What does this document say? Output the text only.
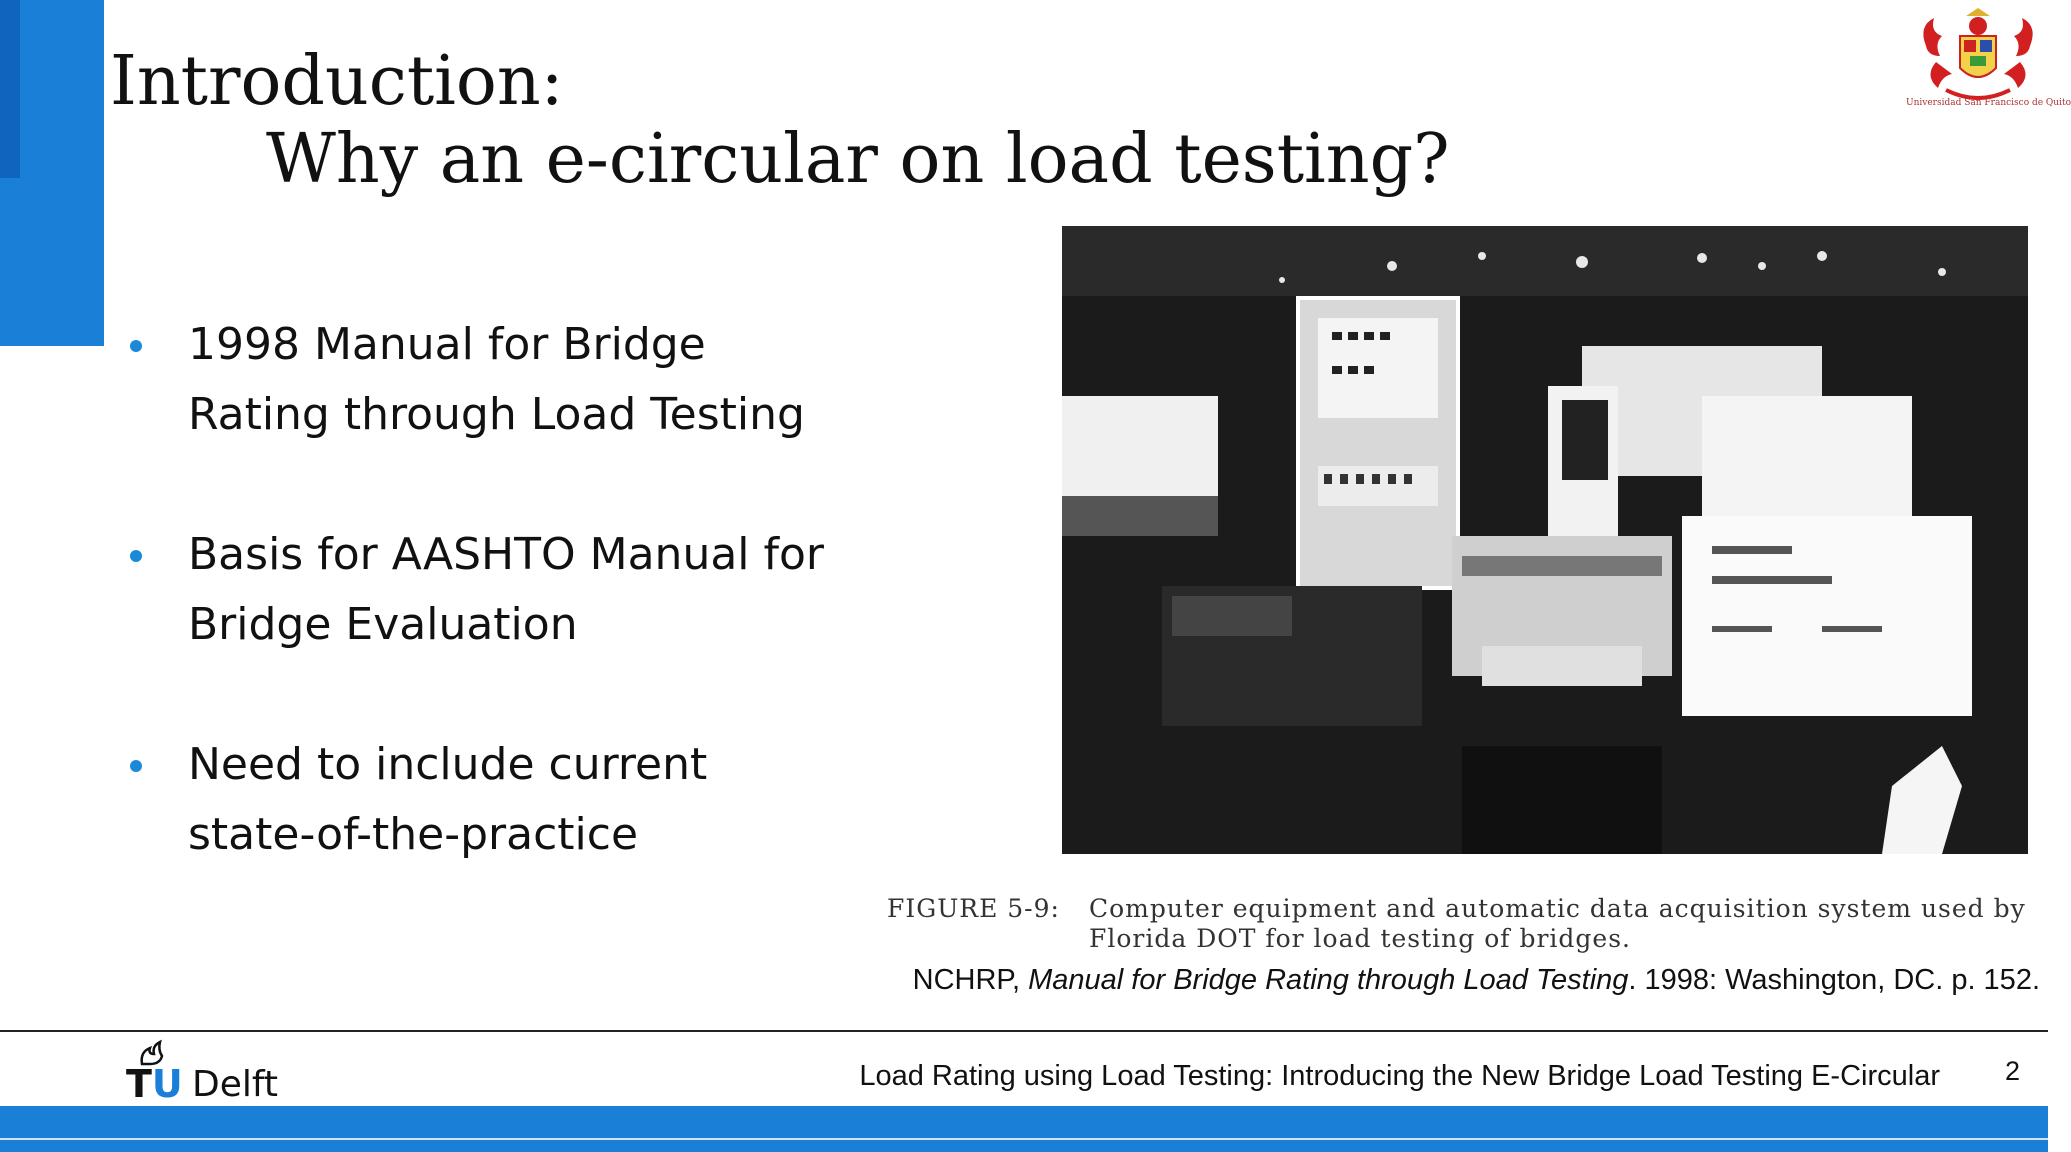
Introduction:
Why an e-circular on load testing?
Universidad San Francisco de Quito
1998 Manual for Bridge Rating through Load Testing
Basis for AASHTO Manual for Bridge Evaluation
Need to include current state-of-the-practice
FIGURE 5-9: Computer equipment and automatic data acquisition system used by Florida DOT for load testing of bridges.
NCHRP, Manual for Bridge Rating through Load Testing. 1998: Washington, DC. p. 152.
TU Delft	Load Rating using Load Testing: Introducing the New Bridge Load Testing E-Circular 2
